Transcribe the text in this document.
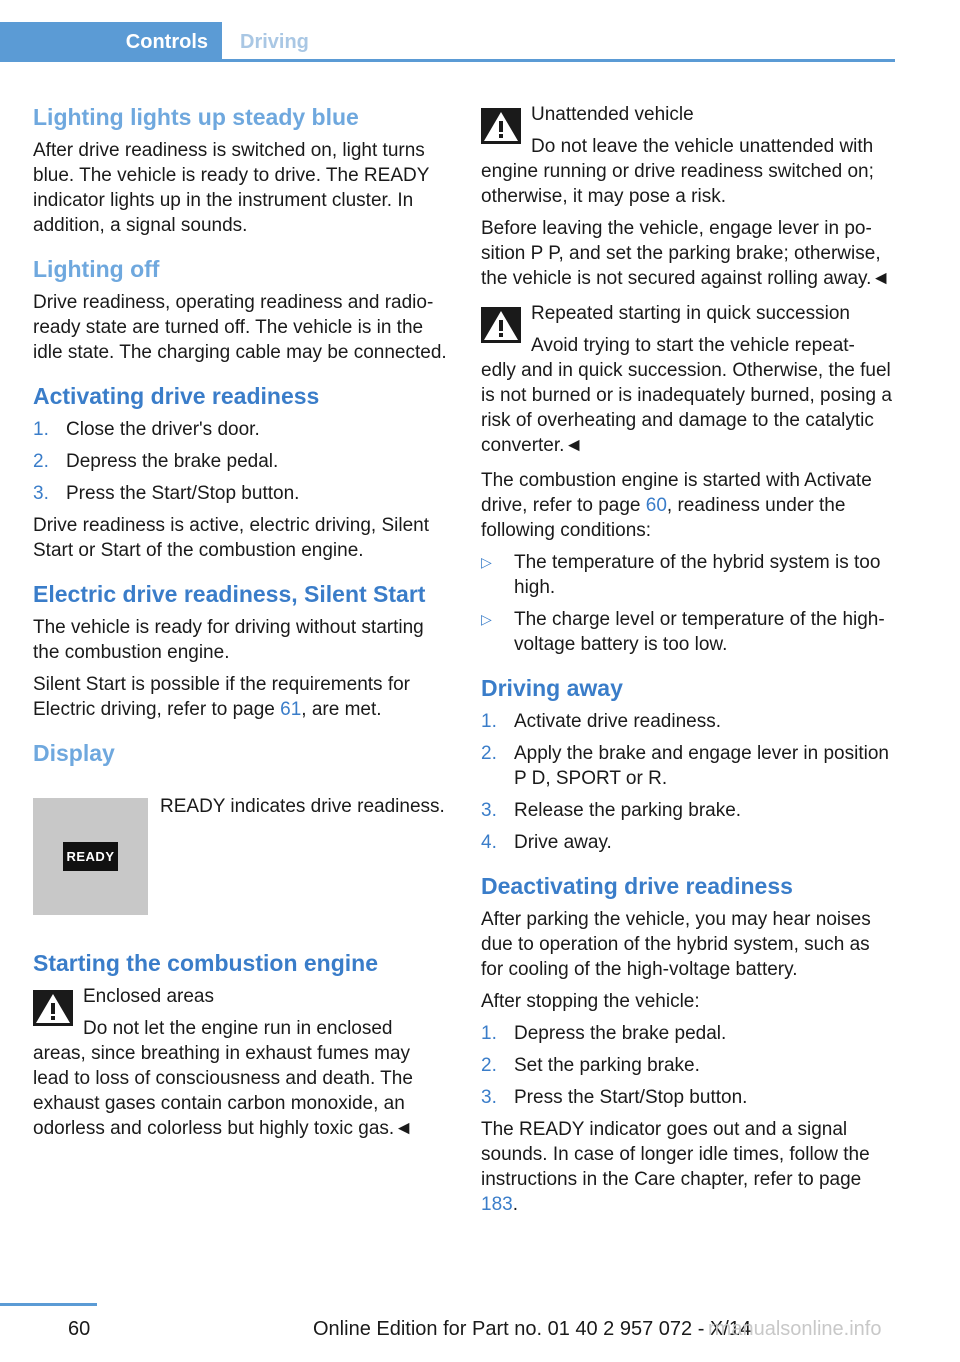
Controls	Driving
Lighting lights up steady blue

After drive readiness is switched on, light turns blue. The vehicle is ready to drive. The READY indicator lights up in the instrument cluster. In addition, a signal sounds.

Lighting off

Drive readiness, operating readiness and radio-ready state are turned off. The vehicle is in the idle state. The charging cable may be connected.

Activating drive readiness
1. Close the driver's door.
2. Depress the brake pedal.
3. Press the Start/Stop button.

Drive readiness is active, electric driving, Silent Start or Start of the combustion engine.

Electric drive readiness, Silent Start

The vehicle is ready for driving without starting the combustion engine.

Silent Start is possible if the requirements for Electric driving, refer to page 61, are met.

Display
READY
READY indicates drive readiness.
Starting the combustion engine
Enclosed areas

Do not let the engine run in enclosed

areas, since breathing in exhaust fumes may lead to loss of consciousness and death. The exhaust gases contain carbon monoxide, an odorless and colorless but highly toxic gas.◄

Unattended vehicle

Do not leave the vehicle unattended with

engine running or drive readiness switched on; otherwise, it may pose a risk.

Before leaving the vehicle, engage lever in position P P, and set the parking brake; otherwise, the vehicle is not secured against rolling away.◄

Repeated starting in quick succession

Avoid trying to start the vehicle repeat-

edly and in quick succession. Otherwise, the fuel is not burned or is inadequately burned, posing a risk of overheating and damage to the catalytic converter.◄

The combustion engine is started with Activate drive, refer to page 60, readiness under the following conditions:

▷ The temperature of the hybrid system is too high.
▷ The charge level or temperature of the high-voltage battery is too low.
Driving away
1. Activate drive readiness.
2. Apply the brake and engage lever in position P D, SPORT or R.
3. Release the parking brake.
4. Drive away.
Deactivating drive readiness

After parking the vehicle, you may hear noises due to operation of the hybrid system, such as for cooling of the high-voltage battery.

After stopping the vehicle:

1. Depress the brake pedal.
2. Set the parking brake.
3. Press the Start/Stop button.

The READY indicator goes out and a signal sounds. In case of longer idle times, follow the instructions in the Care chapter, refer to page 183.

60	Online Edition for Part no. 01 40 2 957 072 - X/14
rmanualsonline.info
